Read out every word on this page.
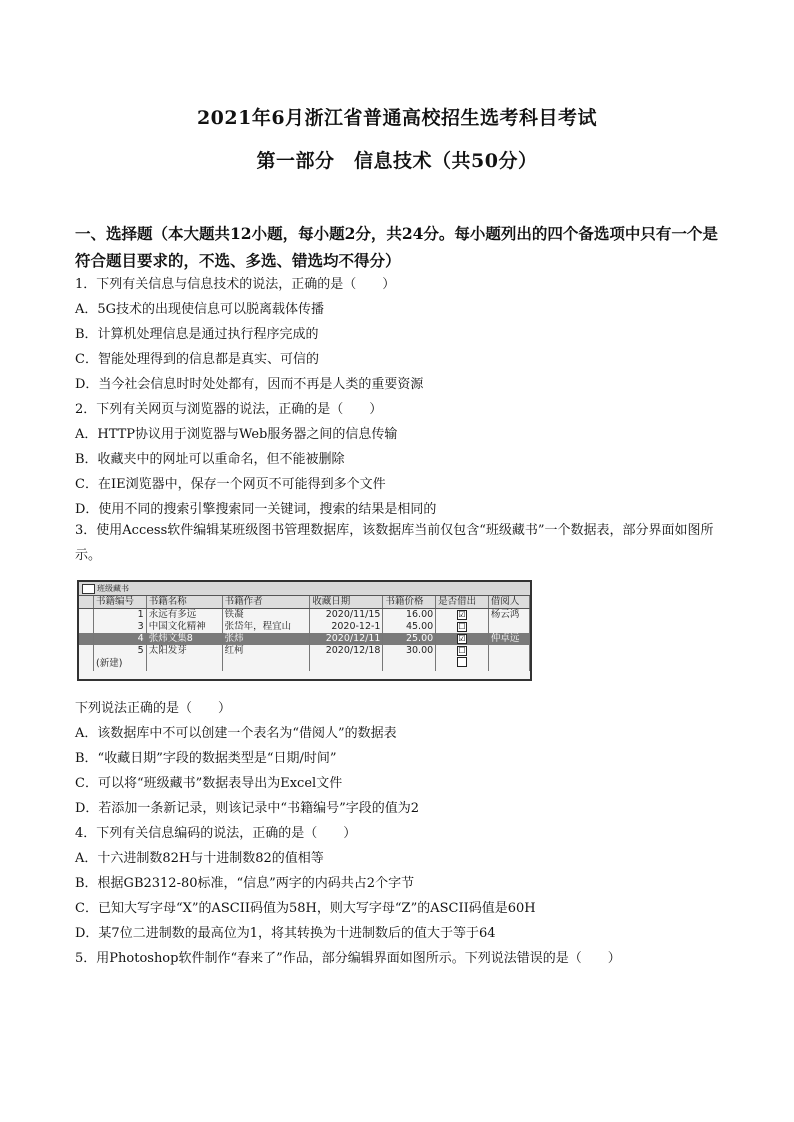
2021年6月浙江省普通高校招生选考科目考试
第一部分　信息技术（共50分）
一、选择题（本大题共12小题，每小题2分，共24分。每小题列出的四个备选项中只有一个是符合题目要求的，不选、多选、错选均不得分）
1．下列有关信息与信息技术的说法，正确的是（　　）
A．5G技术的出现使信息可以脱离载体传播
B．计算机处理信息是通过执行程序完成的
C．智能处理得到的信息都是真实、可信的
D．当今社会信息时时处处都有，因而不再是人类的重要资源
2．下列有关网页与浏览器的说法，正确的是（　　）
A．HTTP协议用于浏览器与Web服务器之间的信息传输
B．收藏夹中的网址可以重命名，但不能被删除
C．在IE浏览器中，保存一个网页不可能得到多个文件
D．使用不同的搜索引擎搜索同一关键词，搜索的结果是相同的
3．使用Access软件编辑某班级图书管理数据库，该数据库当前仅包含“班级藏书”一个数据表，部分界面如图所示。
班级藏书
	书籍编号	书籍名称	书籍作者	收藏日期	书籍价格	是否借出	借阅人
	1	永远有多远	铁凝	2020/11/15	16.00	☑	杨云鸿
	3	中国文化精神	张岱年，程宜山	2020-12-1	45.00	☐	
	4	张炜文集8	张炜	2020/12/11	25.00	☑	仲卓远
	5	太阳发芽	红柯	2020/12/18	30.00	☐	
	(新建)						
下列说法正确的是（　　）
A．该数据库中不可以创建一个表名为“借阅人”的数据表
B．“收藏日期”字段的数据类型是“日期/时间”
C．可以将“班级藏书”数据表导出为Excel文件
D．若添加一条新记录，则该记录中“书籍编号”字段的值为2
4．下列有关信息编码的说法，正确的是（　　）
A．十六进制数82H与十进制数82的值相等
B．根据GB2312-80标准，“信息”两字的内码共占2个字节
C．已知大写字母“X”的ASCII码值为58H，则大写字母“Z”的ASCII码值是60H
D．某7位二进制数的最高位为1，将其转换为十进制数后的值大于等于64
5．用Photoshop软件制作“春来了”作品，部分编辑界面如图所示。下列说法错误的是（　　）
